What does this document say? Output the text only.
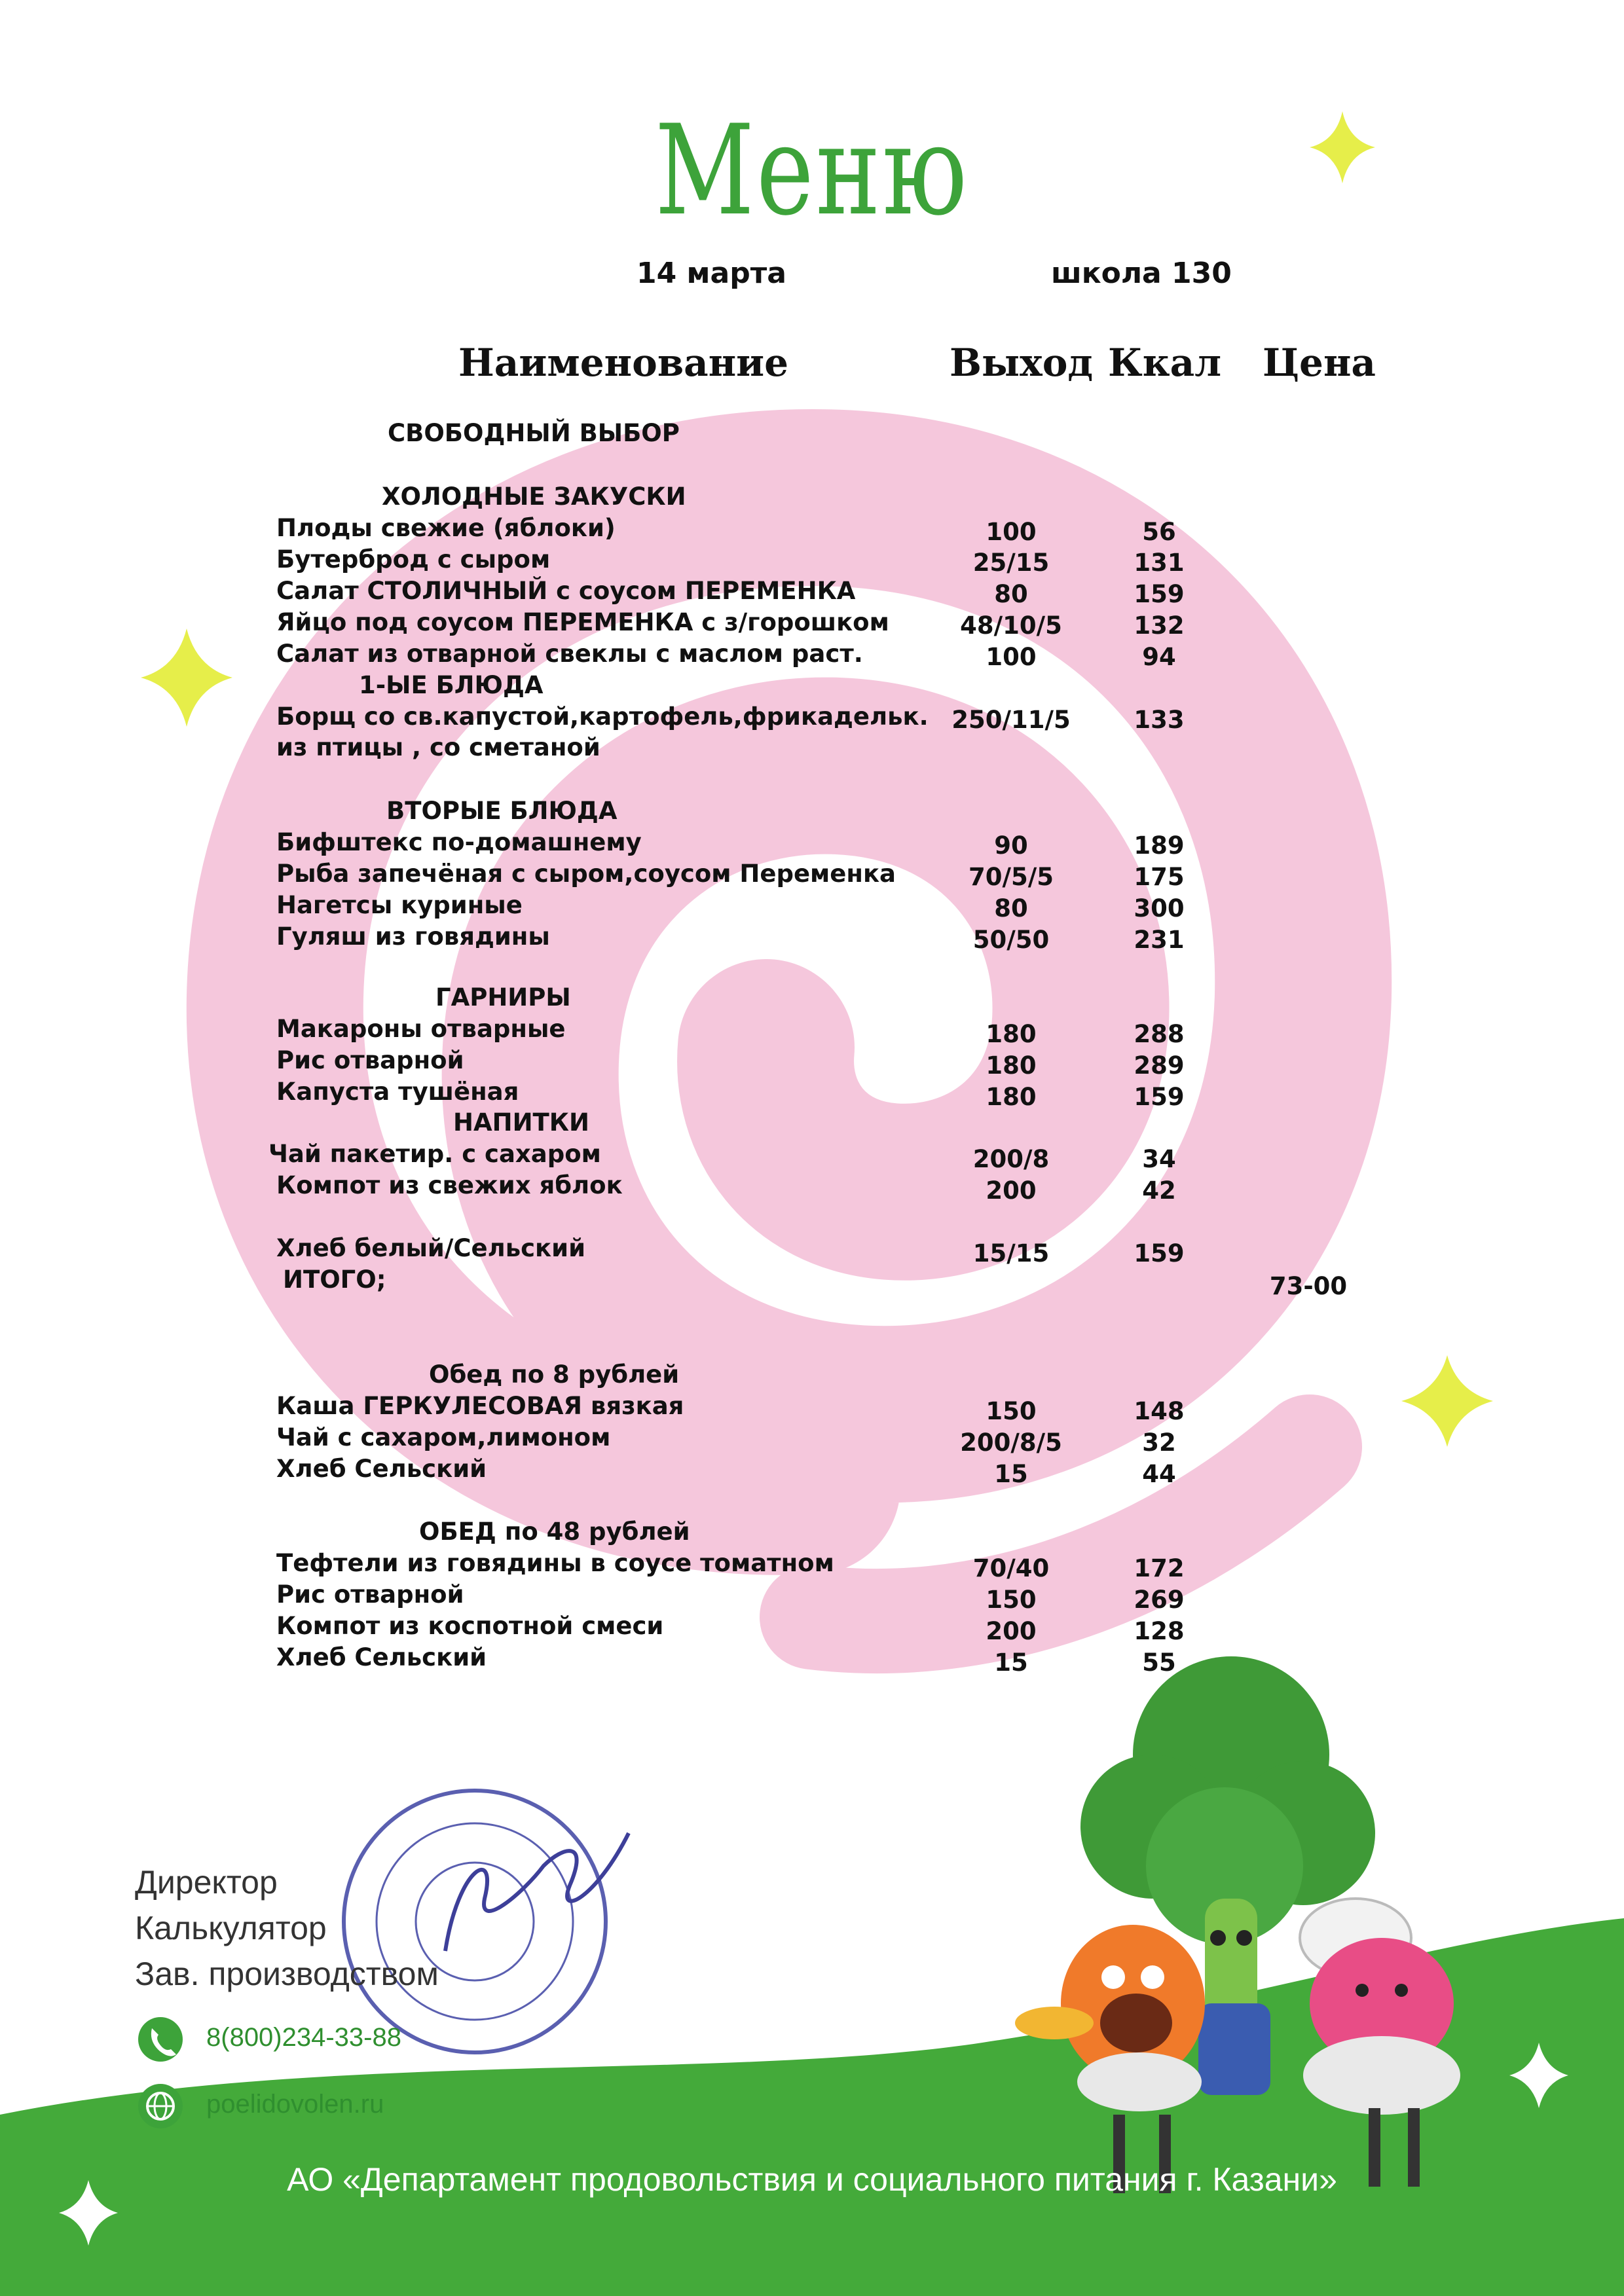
Меню
14 марта	школа 130
Наименование	Выход Ккал Цена
СВОБОДНЫЙ ВЫБОР
ХОЛОДНЫЕ ЗАКУСКИ
1-ЫЕ БЛЮДА
ВТОРЫЕ БЛЮДА
ГАРНИРЫ
НАПИТКИ
Обед по 8 рублей
ОБЕД по 48 рублей
Плоды свежие (яблоки)	100	56
Бутерброд с сыром	25/15	131
Салат СТОЛИЧНЫЙ с соусом ПЕРЕМЕНКА	80	159
Яйцо под соусом ПЕРЕМЕНКА с з/горошком	48/10/5	132
Салат из отварной свеклы с маслом раст.	100	94
Борщ со св.капустой,картофель,фрикадельк.
из птицы , со сметаной
250/11/5	133
Бифштекс по-домашнему	90	189
Рыба запечёная с сыром,соусом Переменка	70/5/5	175
Нагетсы куриные	80	300
Гуляш из говядины	50/50	231
Макароны отварные	180	288
Рис отварной	180	289
Капуста тушёная	180	159
Чай пакетир. с сахаром	200/8	34
Компот из свежих яблок	200	42
Хлеб белый/Сельский	15/15	159
ИТОГО;	73-00
Каша ГЕРКУЛЕСОВАЯ вязкая	150	148
Чай с сахаром,лимоном	200/8/5	32
Хлеб Сельский	15	44
Тефтели из говядины в соусе томатном	70/40	172
Рис отварной	150	269
Компот из коспотной смеси	200	128
Хлеб Сельский	15	55
Директор
Калькулятор
Зав. производством
8(800)234-33-88
poelidovolen.ru
АО «Департамент продовольствия и социального питания г. Казани»
